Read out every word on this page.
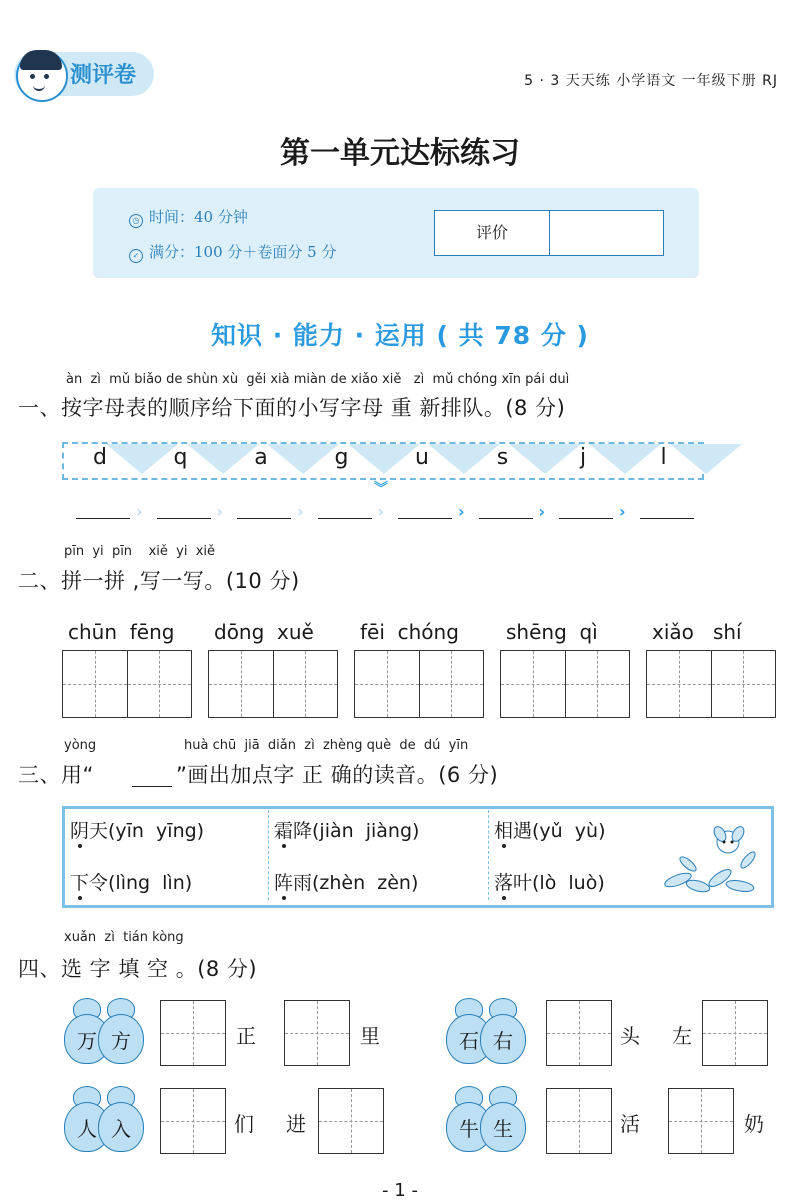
测评卷	5 · 3 天天练 小学语文 一年级下册 RJ
第一单元达标练习
◷ 时间：40 分钟
✓ 满分：100 分＋卷面分 5 分
评价
知识 · 能力 · 运用 ( 共 78 分 )
àn  zì  mǔ biǎo de shùn xù  gěi xià miàn de xiǎo xiě   zì  mǔ chóng xīn pái duì
一、按字母表的顺序给下面的小写字母 重 新排队。(8 分)
d	q	a	g	u	s	j	l
︾
›	›	›	›	›	›	›
pīn  yi  pīn    xiě  yi  xiě
二、拼一拼 ,写一写。(10 分)
chūn  fēng dōng  xuě fēi  chóng shēng  qì	xiǎo   shí
yòng	huà chū  jiā  diǎn  zì  zhèng què  de  dú  yīn
三、用“	”画出加点字 正 确的读音。(6 分)
阴天(yīn  yīng)	霜降(jiàn  jiàng)	相遇(yǔ  yù)
下令(lìng  lìn)	阵雨(zhèn  zèn)	落叶(lò  luò)
xuǎn  zì  tián kòng
四、选 字 填 空 。(8 分)
万 方	正	里	石 右	头 左
人 入	们 进	牛 生	活	奶
- 1 -
